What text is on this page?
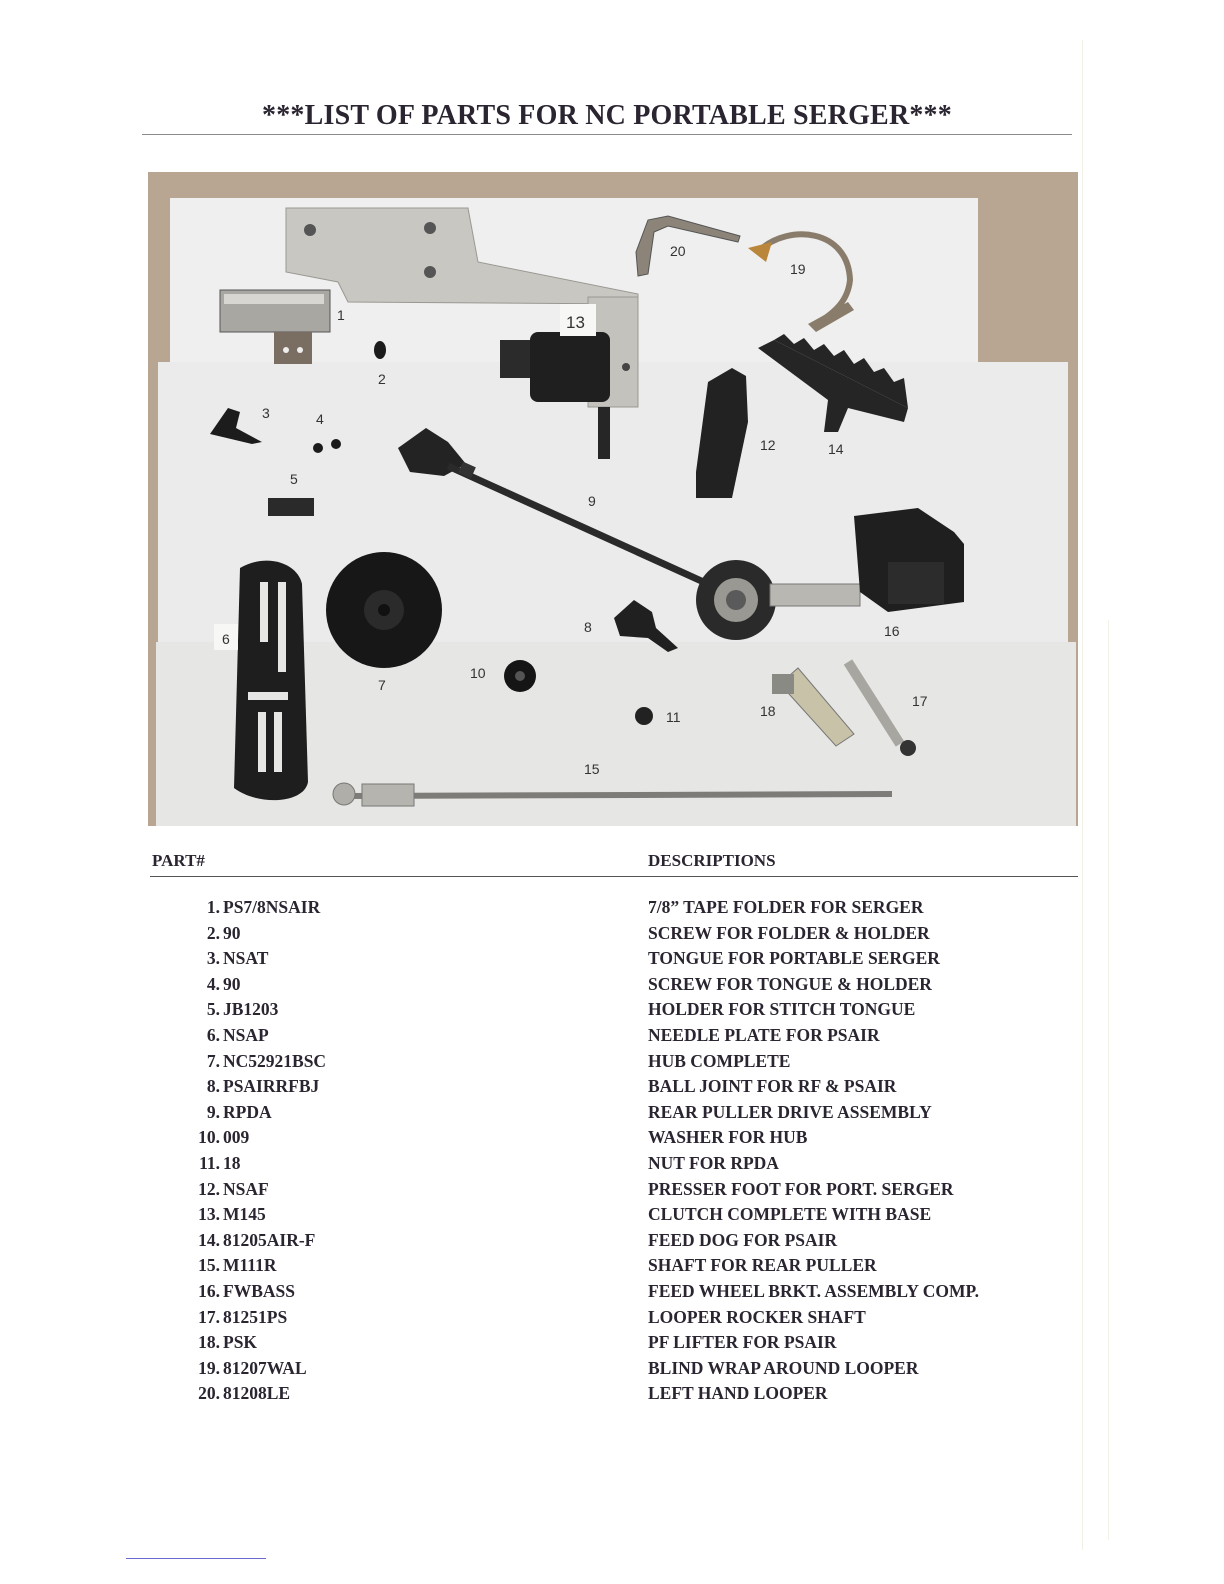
***LIST OF PARTS FOR NC PORTABLE SERGER***
13
1
2
3	4
5
6
7
8
9
10
11
12	14
15
16
17
18
19
20
PART#	DESCRIPTIONS
1. PS7/8NSAIR	7/8” TAPE FOLDER FOR SERGER
2. 90	SCREW FOR FOLDER & HOLDER
3. NSAT	TONGUE FOR PORTABLE SERGER
4. 90	SCREW FOR TONGUE & HOLDER
5. JB1203	HOLDER FOR STITCH TONGUE
6. NSAP	NEEDLE PLATE FOR PSAIR
7. NC52921BSC	HUB COMPLETE
8. PSAIRRFBJ	BALL JOINT FOR RF & PSAIR
9. RPDA	REAR PULLER DRIVE ASSEMBLY
10. 009	WASHER FOR HUB
11. 18	NUT FOR RPDA
12. NSAF	PRESSER FOOT FOR PORT. SERGER
13. M145	CLUTCH COMPLETE WITH BASE
14. 81205AIR-F	FEED DOG FOR PSAIR
15. M111R	SHAFT FOR REAR PULLER
16. FWBASS	FEED WHEEL BRKT. ASSEMBLY COMP.
17. 81251PS	LOOPER ROCKER SHAFT
18. PSK	PF LIFTER FOR PSAIR
19. 81207WAL	BLIND WRAP AROUND LOOPER
20. 81208LE	LEFT HAND LOOPER
